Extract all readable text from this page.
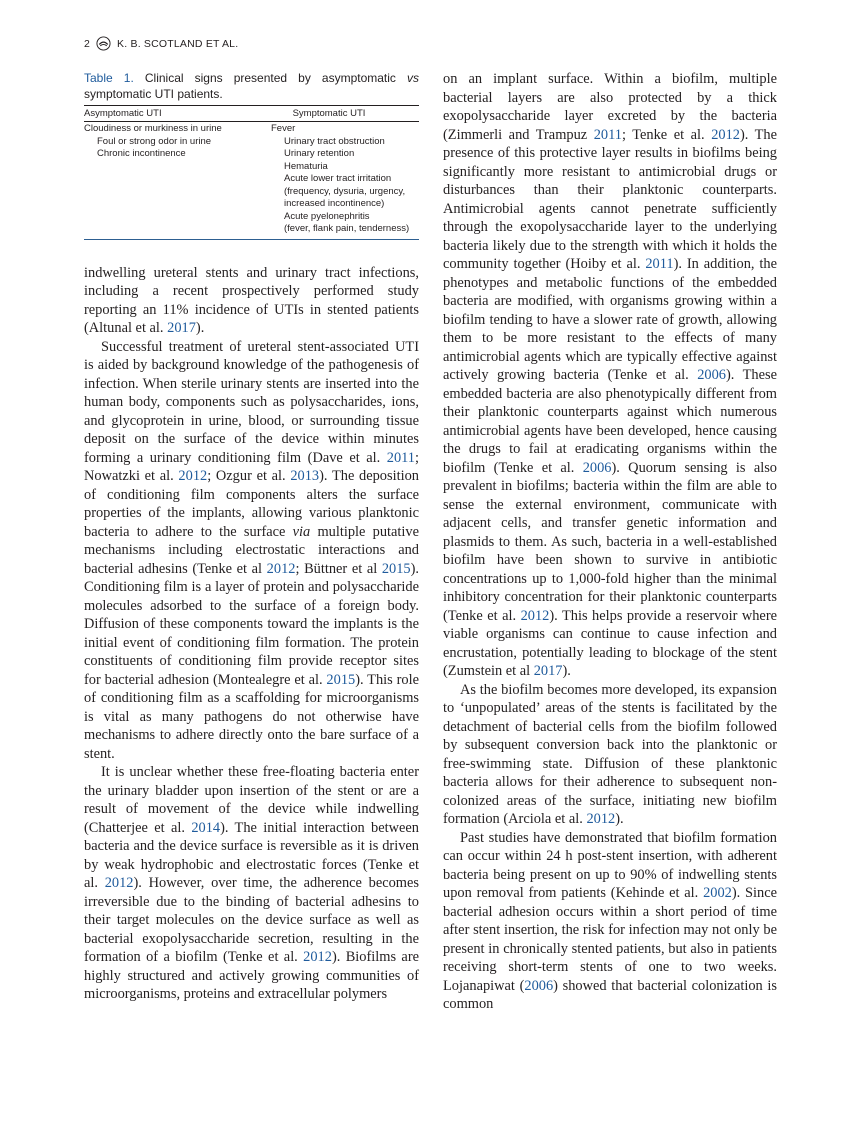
2	K. B. SCOTLAND ET AL.

Table 1. Clinical signs presented by asymptomatic vs symptomatic UTI patients.

Asymptomatic UTI	Symptomatic UTI
Cloudiness or murkiness in urine
Foul or strong odor in urine
Chronic incontinence
Fever
Urinary tract obstruction
Urinary retention
Hematuria
Acute lower tract irritation
(frequency, dysuria, urgency,
increased incontinence)
Acute pyelonephritis
(fever, flank pain, tenderness)

indwelling ureteral stents and urinary tract infections, including a recent prospectively performed study reporting an 11% incidence of UTIs in stented patients (Altunal et al. 2017).

Successful treatment of ureteral stent-associated UTI is aided by background knowledge of the pathogenesis of infection. When sterile urinary stents are inserted into the human body, components such as polysaccharides, ions, and glycoprotein in urine, blood, or surrounding tissue deposit on the surface of the device within minutes forming a urinary conditioning film (Dave et al. 2011; Nowatzki et al. 2012; Ozgur et al. 2013). The deposition of conditioning film components alters the surface properties of the implants, allowing various planktonic bacteria to adhere to the surface via multiple putative mechanisms including electrostatic interactions and bacterial adhesins (Tenke et al 2012; Büttner et al 2015). Conditioning film is a layer of protein and polysaccharide molecules adsorbed to the surface of a foreign body. Diffusion of these components toward the implants is the initial event of conditioning film formation. The protein constituents of conditioning film provide receptor sites for bacterial adhesion (Montealegre et al. 2015). This role of conditioning film as a scaffolding for microorganisms is vital as many pathogens do not otherwise have mechanisms to adhere directly onto the bare surface of a stent.

It is unclear whether these free-floating bacteria enter the urinary bladder upon insertion of the stent or are a result of movement of the device while indwelling (Chatterjee et al. 2014). The initial interaction between bacteria and the device surface is reversible as it is driven by weak hydrophobic and electrostatic forces (Tenke et al. 2012). However, over time, the adherence becomes irreversible due to the binding of bacterial adhesins to their target molecules on the device surface as well as bacterial exopolysaccharide secretion, resulting in the formation of a biofilm (Tenke et al. 2012). Biofilms are highly structured and actively growing communities of microorganisms, proteins and extracellular polymers

on an implant surface. Within a biofilm, multiple bacterial layers are also protected by a thick exopolysaccharide layer excreted by the bacteria (Zimmerli and Trampuz 2011; Tenke et al. 2012). The presence of this protective layer results in biofilms being significantly more resistant to antimicrobial drugs or disturbances than their planktonic counterparts. Antimicrobial agents cannot penetrate sufficiently through the exopolysaccharide layer to the underlying bacteria likely due to the strength with which it holds the community together (Hoiby et al. 2011). In addition, the phenotypes and metabolic functions of the embedded bacteria are modified, with organisms growing within a biofilm tending to have a slower rate of growth, allowing them to be more resistant to the effects of many antimicrobial agents which are typically effective against actively growing bacteria (Tenke et al. 2006). These embedded bacteria are also phenotypically different from their planktonic counterparts against which numerous antimicrobial agents have been developed, hence causing the drugs to fail at eradicating organisms within the biofilm (Tenke et al. 2006). Quorum sensing is also prevalent in biofilms; bacteria within the film are able to sense the external environment, communicate with adjacent cells, and transfer genetic information and plasmids to them. As such, bacteria in a well-established biofilm have been shown to survive in antibiotic concentrations up to 1,000-fold higher than the minimal inhibitory concentration for their planktonic counterparts (Tenke et al. 2012). This helps provide a reservoir where viable organisms can continue to cause infection and encrustation, potentially leading to blockage of the stent (Zumstein et al 2017).

As the biofilm becomes more developed, its expansion to ‘unpopulated’ areas of the stents is facilitated by the detachment of bacterial cells from the biofilm followed by subsequent conversion back into the planktonic or free-swimming state. Diffusion of these planktonic bacteria allows for their adherence to subsequent non-colonized areas of the surface, initiating new biofilm formation (Arciola et al. 2012).

Past studies have demonstrated that biofilm formation can occur within 24 h post-stent insertion, with adherent bacteria being present on up to 90% of indwelling stents upon removal from patients (Kehinde et al. 2002). Since bacterial adhesion occurs within a short period of time after stent insertion, the risk for infection may not only be present in chronically stented patients, but also in patients receiving short-term stents of one to two weeks. Lojanapiwat (2006) showed that bacterial colonization is common
